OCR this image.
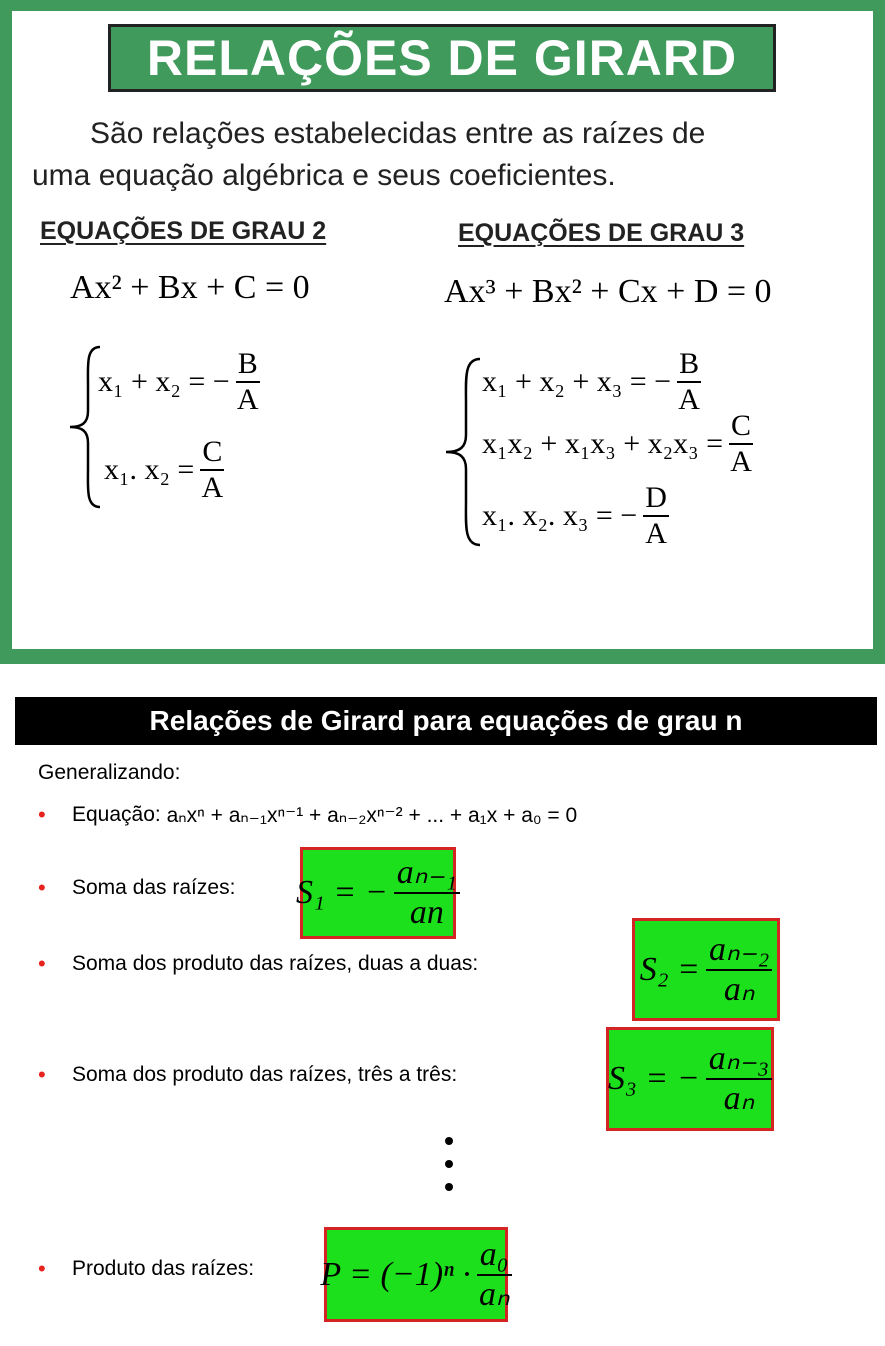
RELAÇÕES DE GIRARD
São relações estabelecidas entre as raízes de
uma equação algébrica e seus coeficientes.
EQUAÇÕES DE GRAU 2	EQUAÇÕES DE GRAU 3
Ax² + Bx + C = 0	Ax³ + Bx² + Cx + D = 0
x₁ + x₂ = − $\frac{B}{A}$
x₁. $x_2 = \frac{C}{A}$
x₁ + x₂ + x₃ = − $\frac{B}{A}$
$x_1x_2 + x_1x_3 + x_2x_3 = \frac{C}{A}$
x₁. x₂. x₃ = − $\frac{D}{A}$
Relações de Girard para equações de grau n
Generalizando:
•	Equação:
aₙxⁿ + aₙ₋₁xⁿ⁻¹ + aₙ₋₂xⁿ⁻² + ... + a₁x + a₀ = 0
•	Soma das raízes: S₁ = − $\frac{\text{aₙ₋₁}}{an}$
•	Soma dos produto das raízes, duas a duas:	$S_2 = \frac{\text{aₙ₋₂}}{\text{aₙ}}$
•	Soma dos produto das raízes, três a três:	S₃ = − $\frac{\text{aₙ₋₃}}{\text{aₙ}}$
•	Produto das raízes: $P = (-1)^n \cdot \frac{\text{a₀}}{\text{aₙ}}$
